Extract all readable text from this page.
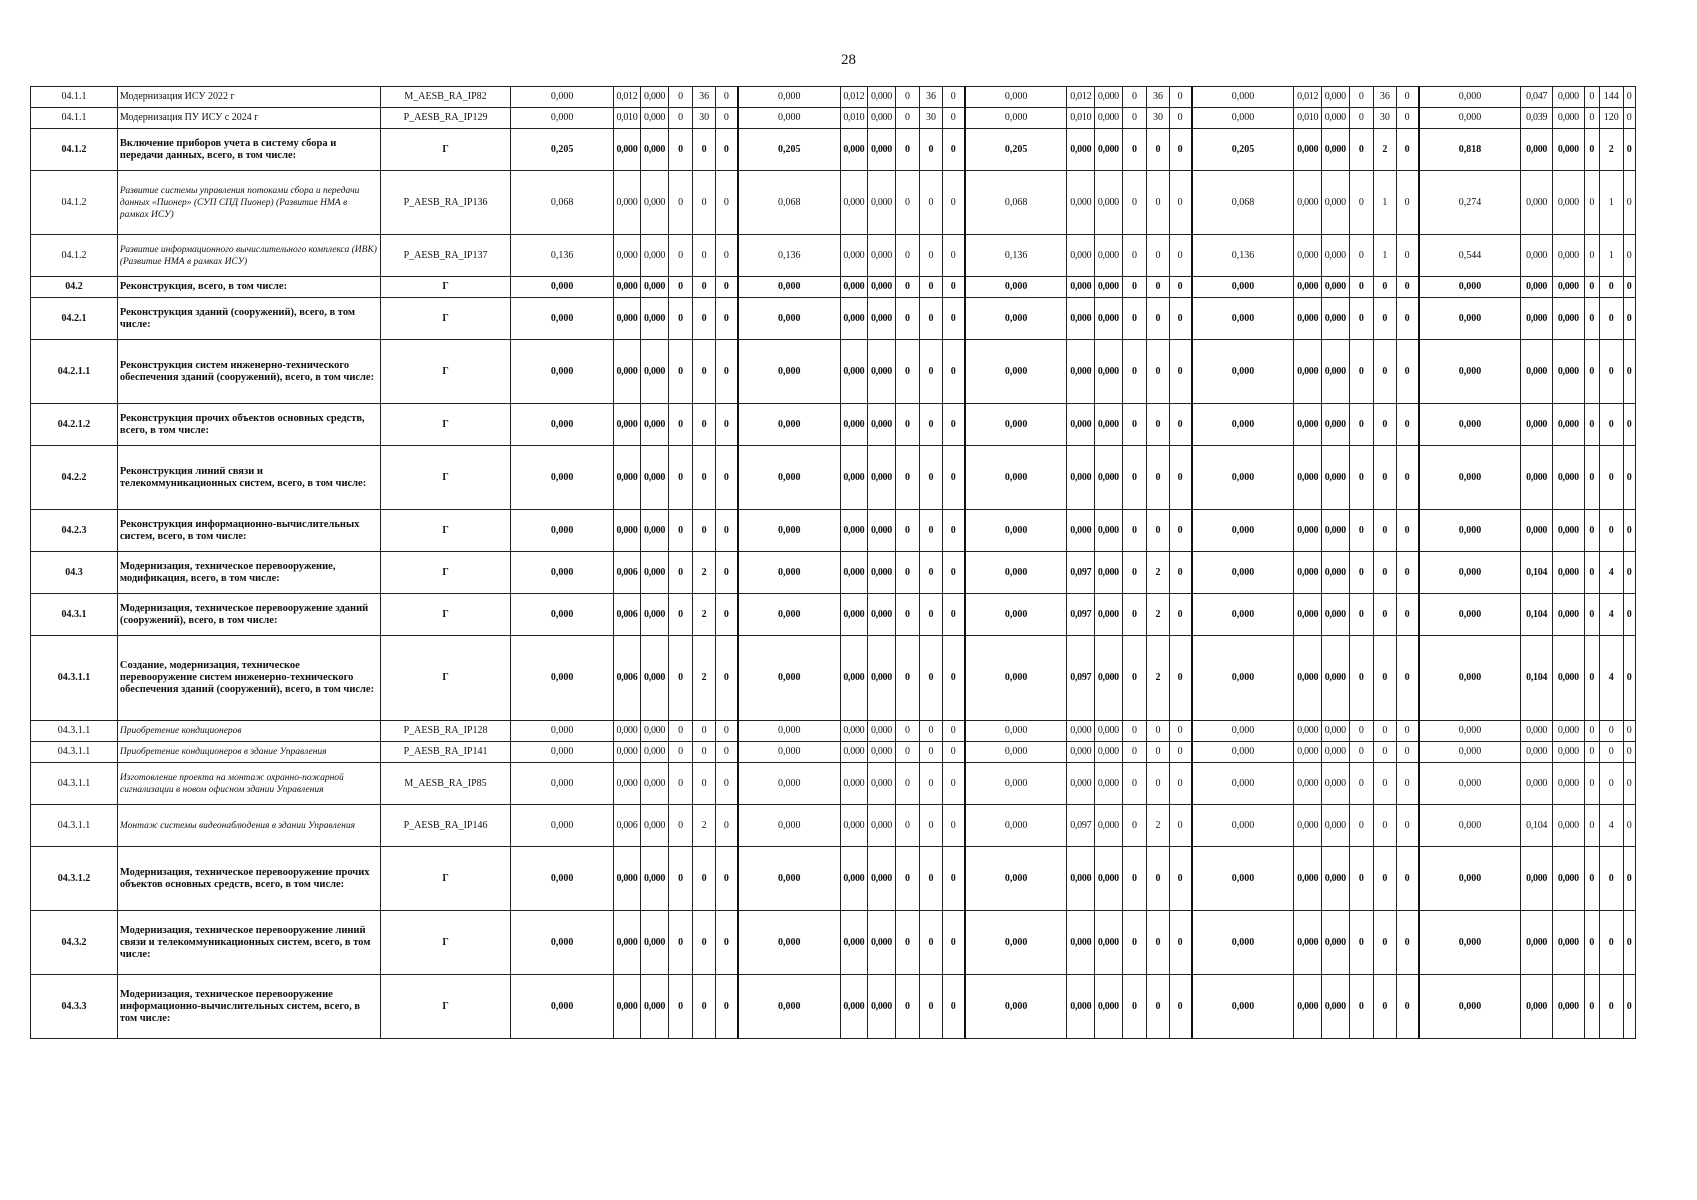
28
04.1.1	Модернизация ИСУ 2022 г	M_AESB_RA_IP82	0,000	0,012	0,000	0	36	0	0,000	0,012	0,000	0	36	0	0,000	0,012	0,000	0	36	0	0,000	0,012	0,000	0	36	0	0,000	0,047	0,000	0	144	0
04.1.1	Модернизация ПУ ИСУ с 2024 г	P_AESB_RA_IP129	0,000	0,010	0,000	0	30	0	0,000	0,010	0,000	0	30	0	0,000	0,010	0,000	0	30	0	0,000	0,010	0,000	0	30	0	0,000	0,039	0,000	0	120	0
04.1.2	Включение приборов учета в систему сбора и передачи данных, всего, в том числе:	Г	0,205	0,000	0,000	0	0	0	0,205	0,000	0,000	0	0	0	0,205	0,000	0,000	0	0	0	0,205	0,000	0,000	0	2	0	0,818	0,000	0,000	0	2	0
04.1.2	Развитие системы управления потоками сбора и передачи данных «Пионер» (СУП СПД Пионер) (Развитие НМА в рамках ИСУ)	P_AESB_RA_IP136	0,068	0,000	0,000	0	0	0	0,068	0,000	0,000	0	0	0	0,068	0,000	0,000	0	0	0	0,068	0,000	0,000	0	1	0	0,274	0,000	0,000	0	1	0
04.1.2	Развитие информационного вычислительного комплекса (ИВК) (Развитие НМА в рамках ИСУ)	P_AESB_RA_IP137	0,136	0,000	0,000	0	0	0	0,136	0,000	0,000	0	0	0	0,136	0,000	0,000	0	0	0	0,136	0,000	0,000	0	1	0	0,544	0,000	0,000	0	1	0
04.2	Реконструкция, всего, в том числе:	Г	0,000	0,000	0,000	0	0	0	0,000	0,000	0,000	0	0	0	0,000	0,000	0,000	0	0	0	0,000	0,000	0,000	0	0	0	0,000	0,000	0,000	0	0	0
04.2.1	Реконструкция зданий (сооружений), всего, в том числе:	Г	0,000	0,000	0,000	0	0	0	0,000	0,000	0,000	0	0	0	0,000	0,000	0,000	0	0	0	0,000	0,000	0,000	0	0	0	0,000	0,000	0,000	0	0	0
04.2.1.1	Реконструкция систем инженерно-технического обеспечения зданий (сооружений), всего, в том числе:	Г	0,000	0,000	0,000	0	0	0	0,000	0,000	0,000	0	0	0	0,000	0,000	0,000	0	0	0	0,000	0,000	0,000	0	0	0	0,000	0,000	0,000	0	0	0
04.2.1.2	Реконструкция прочих объектов основных средств, всего, в том числе:	Г	0,000	0,000	0,000	0	0	0	0,000	0,000	0,000	0	0	0	0,000	0,000	0,000	0	0	0	0,000	0,000	0,000	0	0	0	0,000	0,000	0,000	0	0	0
04.2.2	Реконструкция линий связи и телекоммуникационных систем, всего, в том числе:	Г	0,000	0,000	0,000	0	0	0	0,000	0,000	0,000	0	0	0	0,000	0,000	0,000	0	0	0	0,000	0,000	0,000	0	0	0	0,000	0,000	0,000	0	0	0
04.2.3	Реконструкция информационно-вычислительных систем, всего, в том числе:	Г	0,000	0,000	0,000	0	0	0	0,000	0,000	0,000	0	0	0	0,000	0,000	0,000	0	0	0	0,000	0,000	0,000	0	0	0	0,000	0,000	0,000	0	0	0
04.3	Модернизация, техническое перевооружение, модификация, всего, в том числе:	Г	0,000	0,006	0,000	0	2	0	0,000	0,000	0,000	0	0	0	0,000	0,097	0,000	0	2	0	0,000	0,000	0,000	0	0	0	0,000	0,104	0,000	0	4	0
04.3.1	Модернизация, техническое перевооружение зданий (сооружений), всего, в том числе:	Г	0,000	0,006	0,000	0	2	0	0,000	0,000	0,000	0	0	0	0,000	0,097	0,000	0	2	0	0,000	0,000	0,000	0	0	0	0,000	0,104	0,000	0	4	0
04.3.1.1	Создание, модернизация, техническое перевооружение систем инженерно-технического обеспечения зданий (сооружений), всего, в том числе:	Г	0,000	0,006	0,000	0	2	0	0,000	0,000	0,000	0	0	0	0,000	0,097	0,000	0	2	0	0,000	0,000	0,000	0	0	0	0,000	0,104	0,000	0	4	0
04.3.1.1	Приобретение кондиционеров	P_AESB_RA_IP128	0,000	0,000	0,000	0	0	0	0,000	0,000	0,000	0	0	0	0,000	0,000	0,000	0	0	0	0,000	0,000	0,000	0	0	0	0,000	0,000	0,000	0	0	0
04.3.1.1	Приобретение кондиционеров в здание Управления	P_AESB_RA_IP141	0,000	0,000	0,000	0	0	0	0,000	0,000	0,000	0	0	0	0,000	0,000	0,000	0	0	0	0,000	0,000	0,000	0	0	0	0,000	0,000	0,000	0	0	0
04.3.1.1	Изготовление проекта на монтаж охранно-пожарной сигнализации в новом офисном здании Управления	M_AESB_RA_IP85	0,000	0,000	0,000	0	0	0	0,000	0,000	0,000	0	0	0	0,000	0,000	0,000	0	0	0	0,000	0,000	0,000	0	0	0	0,000	0,000	0,000	0	0	0
04.3.1.1	Монтаж системы видеонаблюдения в здании Управления	P_AESB_RA_IP146	0,000	0,006	0,000	0	2	0	0,000	0,000	0,000	0	0	0	0,000	0,097	0,000	0	2	0	0,000	0,000	0,000	0	0	0	0,000	0,104	0,000	0	4	0
04.3.1.2	Модернизация, техническое перевооружение прочих объектов основных средств, всего, в том числе:	Г	0,000	0,000	0,000	0	0	0	0,000	0,000	0,000	0	0	0	0,000	0,000	0,000	0	0	0	0,000	0,000	0,000	0	0	0	0,000	0,000	0,000	0	0	0
04.3.2	Модернизация, техническое перевооружение линий связи и телекоммуникационных систем, всего, в том числе:	Г	0,000	0,000	0,000	0	0	0	0,000	0,000	0,000	0	0	0	0,000	0,000	0,000	0	0	0	0,000	0,000	0,000	0	0	0	0,000	0,000	0,000	0	0	0
04.3.3	Модернизация, техническое перевооружение информационно-вычислительных систем, всего, в том числе:	Г	0,000	0,000	0,000	0	0	0	0,000	0,000	0,000	0	0	0	0,000	0,000	0,000	0	0	0	0,000	0,000	0,000	0	0	0	0,000	0,000	0,000	0	0	0
